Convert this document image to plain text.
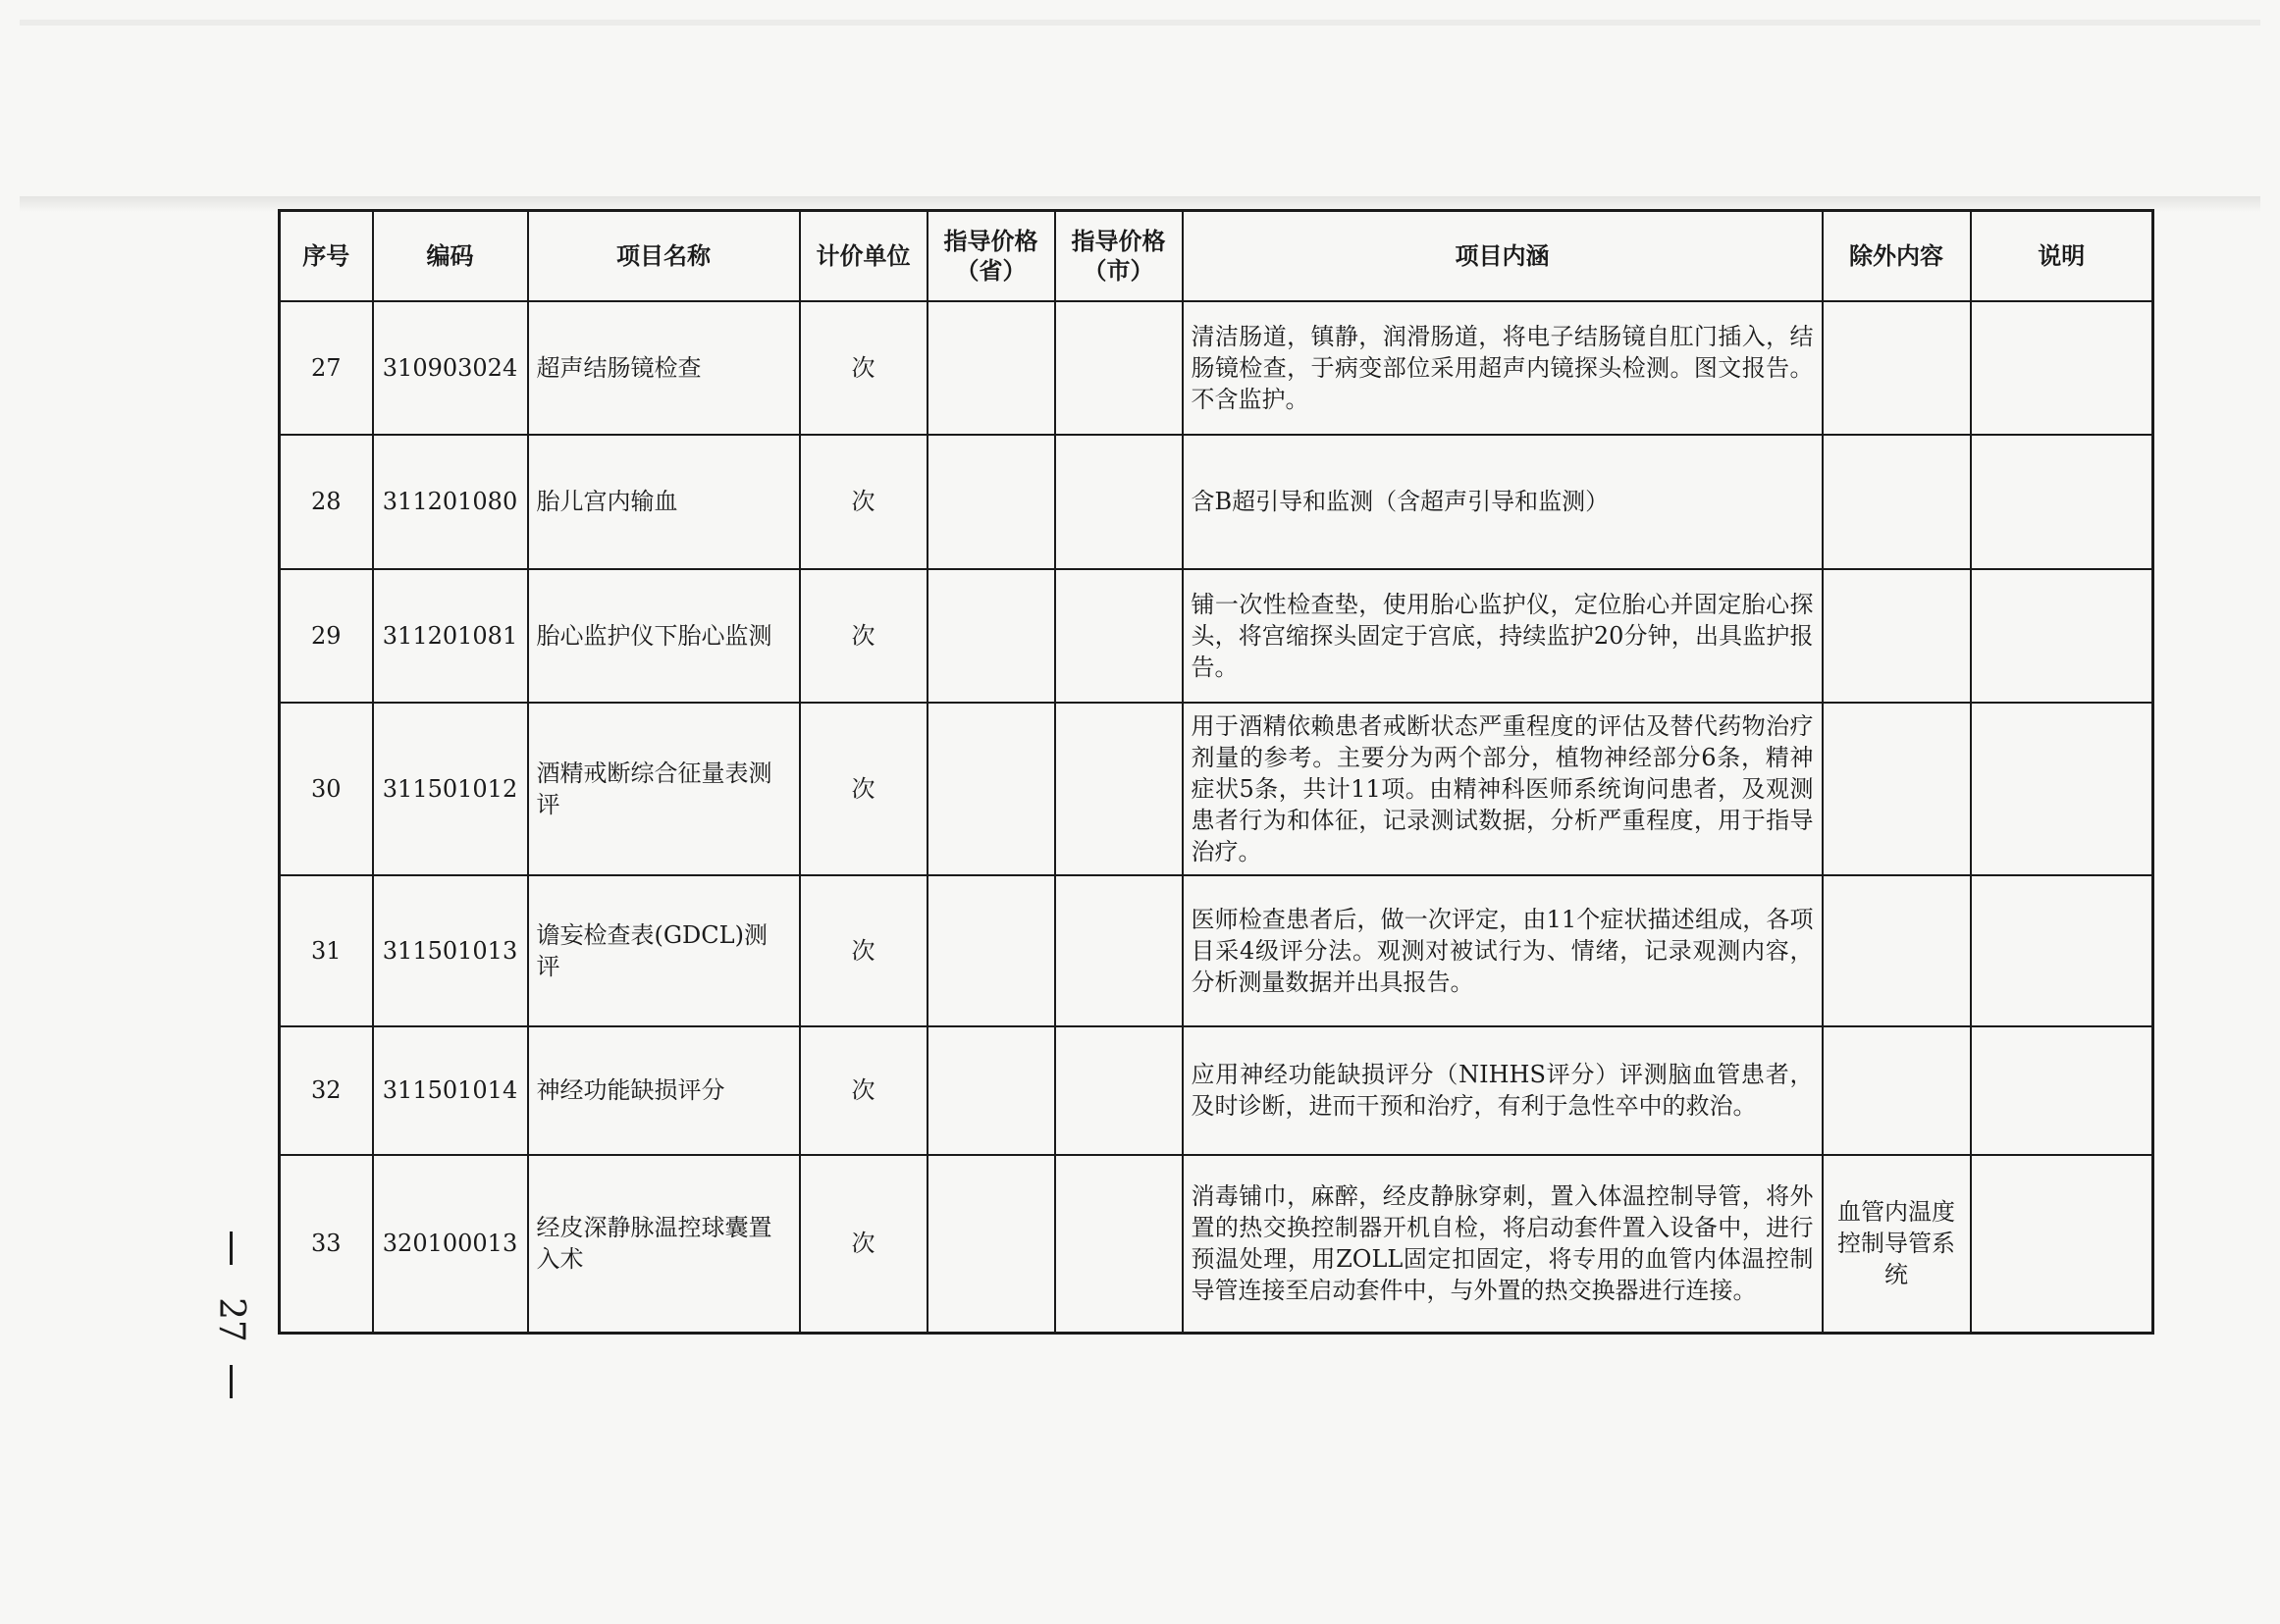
序号	编码	项目名称	计价单位	指导价格（省）	指导价格（市）	项目内涵	除外内容	说明
27	310903024	超声结肠镜检查	次			清洁肠道，镇静，润滑肠道，将电子结肠镜自肛门插入，结肠镜检查，于病变部位采用超声内镜探头检测。图文报告。不含监护。		
28	311201080	胎儿宫内输血	次			含B超引导和监测（含超声引导和监测）		
29	311201081	胎心监护仪下胎心监测	次			铺一次性检查垫，使用胎心监护仪，定位胎心并固定胎心探头，将宫缩探头固定于宫底，持续监护20分钟，出具监护报告。		
30	311501012	酒精戒断综合征量表测评	次			用于酒精依赖患者戒断状态严重程度的评估及替代药物治疗剂量的参考。主要分为两个部分，植物神经部分6条，精神症状5条，共计11项。由精神科医师系统询问患者，及观测患者行为和体征，记录测试数据，分析严重程度，用于指导治疗。		
31	311501013	谵妄检查表(GDCL)测评	次			医师检查患者后，做一次评定，由11个症状描述组成，各项目采4级评分法。观测对被试行为、情绪，记录观测内容，分析测量数据并出具报告。		
32	311501014	神经功能缺损评分	次			应用神经功能缺损评分（NIHHS评分）评测脑血管患者，及时诊断，进而干预和治疗，有利于急性卒中的救治。		
33	320100013	经皮深静脉温控球囊置入术	次			消毒铺巾，麻醉，经皮静脉穿刺，置入体温控制导管，将外置的热交换控制器开机自检，将启动套件置入设备中，进行预温处理，用ZOLL固定扣固定，将专用的血管内体温控制导管连接至启动套件中，与外置的热交换器进行连接。	血管内温度控制导管系统	
27
